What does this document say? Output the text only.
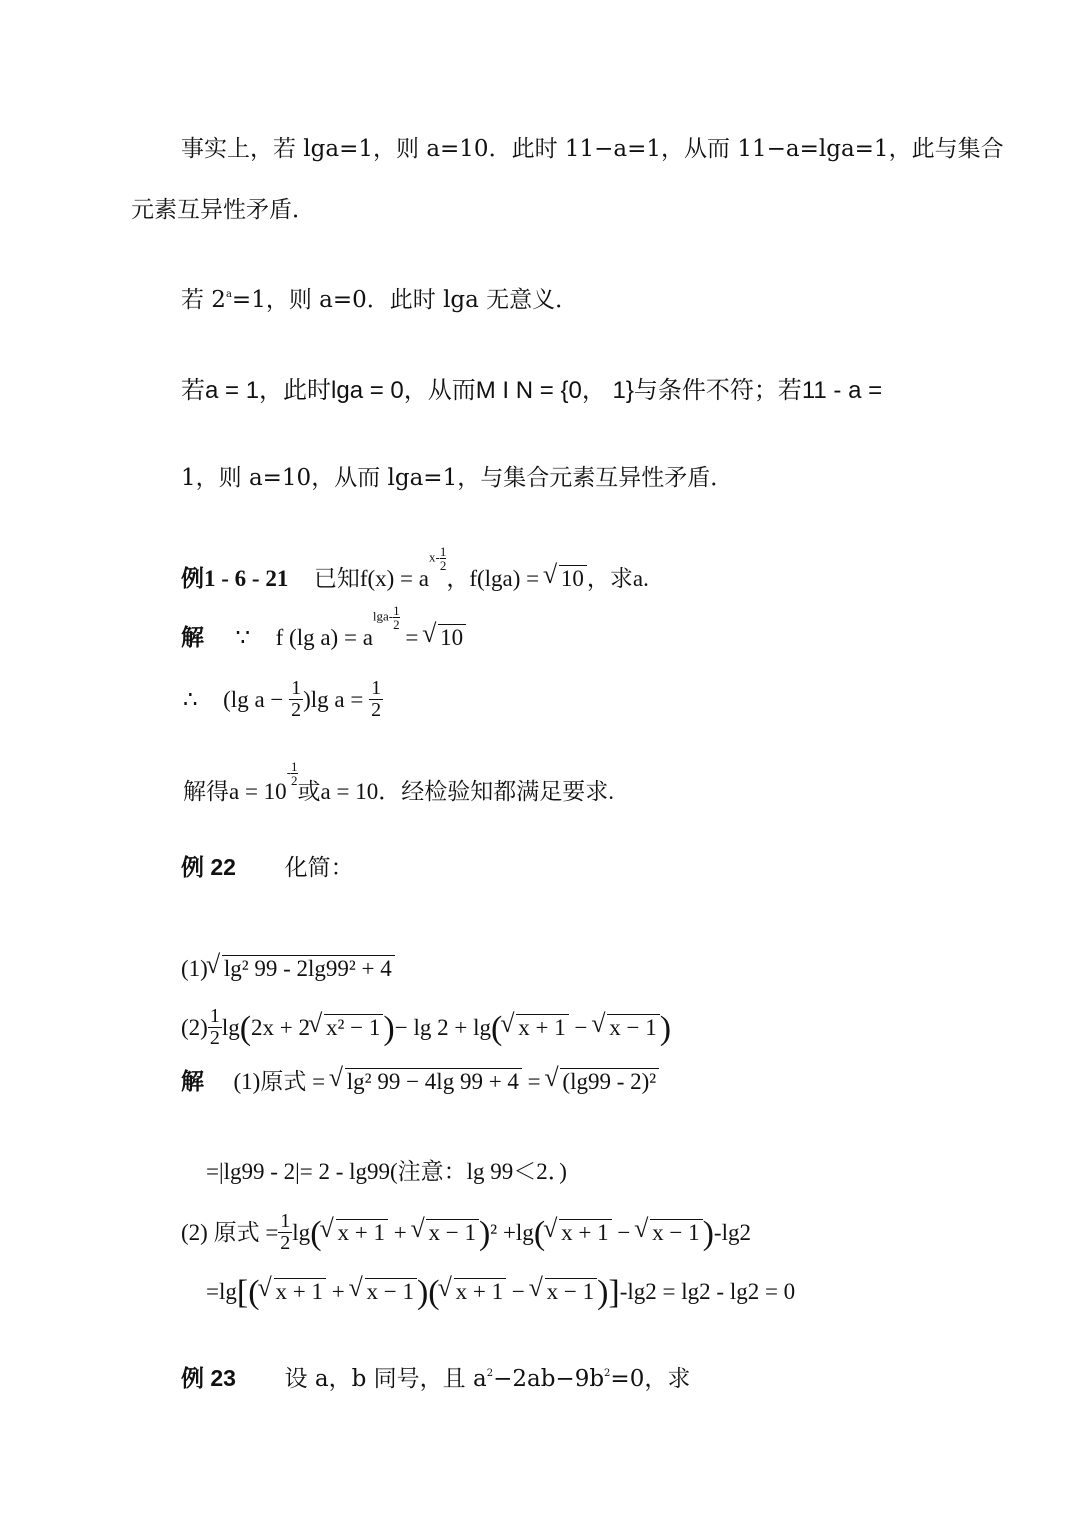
事实上，若 lga=1，则 a=10．此时 11−a=1，从而 11−a=lga=1，此与集合
元素互异性矛盾．
若 $2^a=1$，则 a=0．此时 lga 无意义．
若a = 1，此时lga = 0，从而M I N = {0， 1}与条件不符；若11 - a =
1，则 a=10，从而 lga=1，与集合元素互异性矛盾．
例1 - 6 - 21 已知$f(x) = ax- \frac{1}{2}$
，f(lga) = √ 10 ，求a.
解 ∵ f (lg $a) = alga- \frac{1}{2}$
= √ 10
∴ (lg $a - \frac{1}{2} )\lg$ $a = \frac{1}{2}$
解得$a = 10- \frac{1}{2}$
或a = 10．经检验知都满足要求.
例 22 化简：
(1)√ lg² 99 - 2lg99² + 4
$(2) \frac{1}{2} \lg(2x + 2√$ x² − 1)− lg 2 + lg(√ x + 1 − √ x − 1)
解 (1)原式 = √ lg² 99 − 4lg 99 + 4 = √ (lg99 - 2)²
=|lg99 - 2|= 2 - lg99(注意：lg 99＜2．)
(2) 原式 = $\frac{1}{2} \lg(√$ x + 1 + √ x − 1)² +lg(√ x + 1 − √ x − 1)-lg2
=lg[(√ x + 1 + √ x − 1)(√ x + 1 − √ x − 1)]-lg2 = lg2 - lg2 = 0
例 23 设 a，b 同号，且 $a^2-2ab-9b^2=0$，求
